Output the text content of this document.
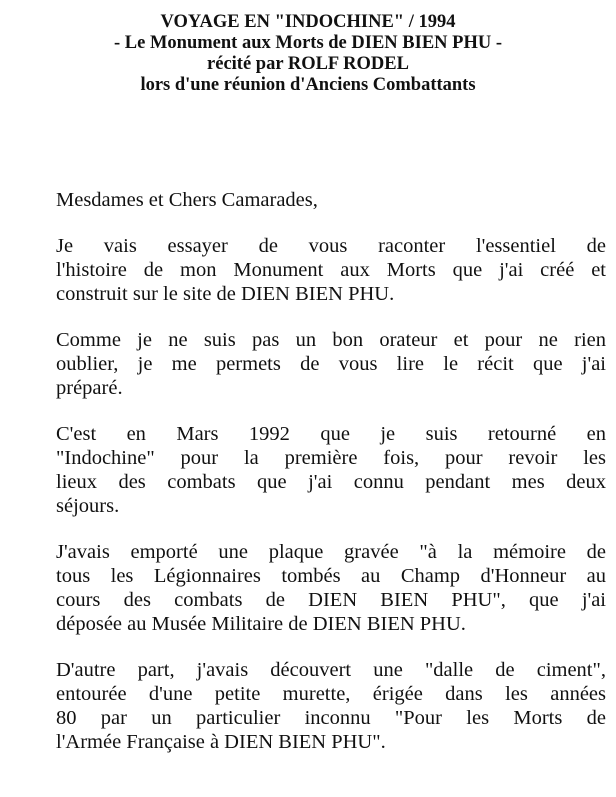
VOYAGE EN "INDOCHINE" / 1994
- Le Monument aux Morts de DIEN BIEN PHU -
récité par ROLF RODEL
lors d'une réunion d'Anciens Combattants

Mesdames et Chers Camarades,

Je vais essayer de vous raconter l'essentiel de
l'histoire de mon Monument aux Morts que j'ai créé et
construit sur le site de DIEN BIEN PHU.
Comme je ne suis pas un bon orateur et pour ne rien
oublier, je me permets de vous lire le récit que j'ai
préparé.
C'est en Mars 1992 que je suis retourné en
"Indochine" pour la première fois, pour revoir les
lieux des combats que j'ai connu pendant mes deux
séjours.
J'avais emporté une plaque gravée "à la mémoire de
tous les Légionnaires tombés au Champ d'Honneur au
cours des combats de DIEN BIEN PHU", que j'ai
déposée au Musée Militaire de DIEN BIEN PHU.
D'autre part, j'avais découvert une "dalle de ciment",
entourée d'une petite murette, érigée dans les années
80 par un particulier inconnu "Pour les Morts de
l'Armée Française à DIEN BIEN PHU".
